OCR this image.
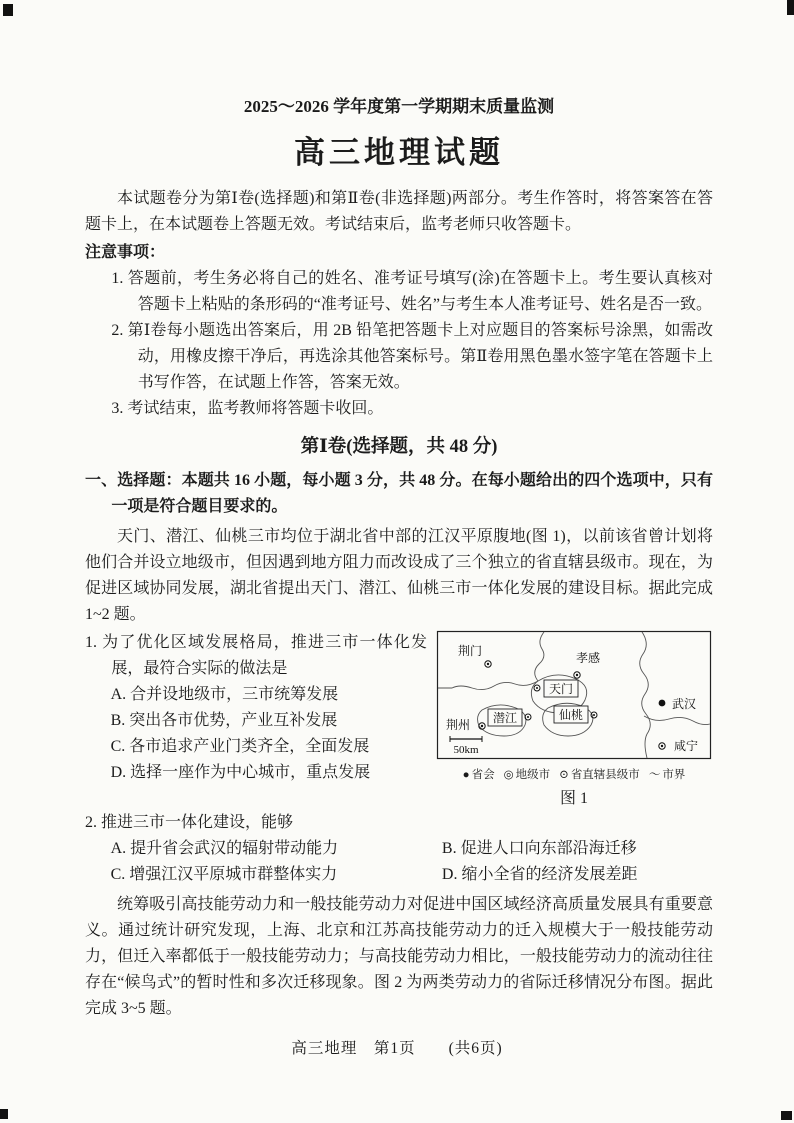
2025～2026 学年度第一学期期末质量监测
高三地理试题

本试题卷分为第Ⅰ卷(选择题)和第Ⅱ卷(非选择题)两部分。考生作答时，将答案答在答题卡上，在本试题卷上答题无效。考试结束后，监考老师只收答题卡。

注意事项：
1. 答题前，考生务必将自己的姓名、准考证号填写(涂)在答题卡上。考生要认真核对答题卡上粘贴的条形码的“准考证号、姓名”与考生本人准考证号、姓名是否一致。
2. 第Ⅰ卷每小题选出答案后，用 2B 铅笔把答题卡上对应题目的答案标号涂黑，如需改动，用橡皮擦干净后，再选涂其他答案标号。第Ⅱ卷用黑色墨水签字笔在答题卡上书写作答，在试题上作答，答案无效。
3. 考试结束，监考教师将答题卡收回。
第Ⅰ卷(选择题，共 48 分)
一、选择题：本题共 16 小题，每小题 3 分，共 48 分。在每小题给出的四个选项中，只有一项是符合题目要求的。

天门、潜江、仙桃三市均位于湖北省中部的江汉平原腹地(图 1)，以前该省曾计划将他们合并设立地级市，但因遇到地方阻力而改设成了三个独立的省直辖县级市。现在，为促进区域协同发展，湖北省提出天门、潜江、仙桃三市一体化发展的建设目标。据此完成 1~2 题。

1. 为了优化区域发展格局，推进三市一体化发展，最符合实际的做法是
A. 合并设地级市，三市统筹发展
B. 突出各市优势，产业互补发展
C. 各市追求产业门类齐全，全面发展
D. 选择一座作为中心城市，重点发展
荆门	孝感
天门
武汉
荆州 潜江	仙桃
咸宁
50km
● 省会 ◎ 地级市 ⊙ 省直辖县级市 ～ 市界
图 1
2. 推进三市一体化建设，能够
A. 提升省会武汉的辐射带动能力	B. 促进人口向东部沿海迁移
C. 增强江汉平原城市群整体实力	D. 缩小全省的经济发展差距

统筹吸引高技能劳动力和一般技能劳动力对促进中国区域经济高质量发展具有重要意义。通过统计研究发现，上海、北京和江苏高技能劳动力的迁入规模大于一般技能劳动力，但迁入率都低于一般技能劳动力；与高技能劳动力相比，一般技能劳动力的流动往往存在“候鸟式”的暂时性和多次迁移现象。图 2 为两类劳动力的省际迁移情况分布图。据此完成 3~5 题。

高三地理　第1页　　(共6页)
